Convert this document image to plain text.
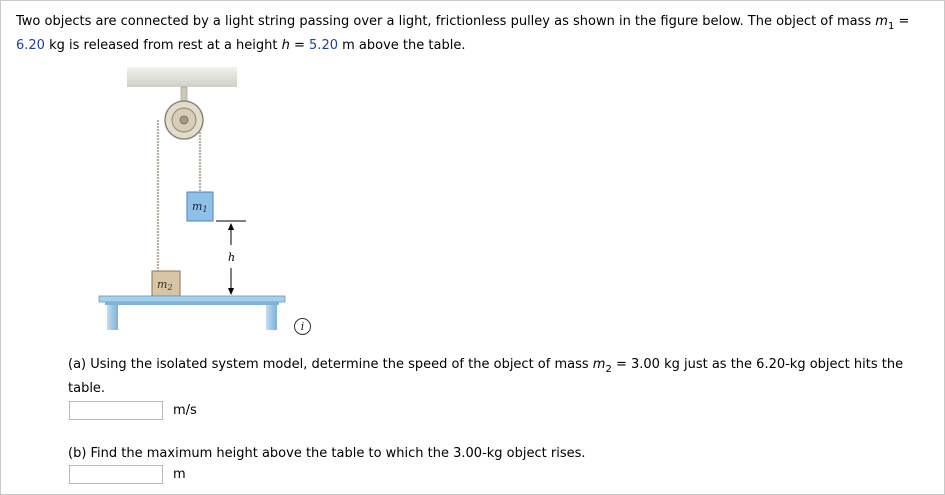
Two objects are connected by a light string passing over a light, frictionless pulley as shown in the figure below. The object of mass $m_1$ =
6.20 kg is released from rest at a height h = 5.20 m above the table.
m1
m2
h
i
(a) Using the isolated system model, determine the speed of the object of mass $m_2 = 3.00$ kg just as the 6.20-kg object hits the table.
m/s
(b) Find the maximum height above the table to which the 3.00-kg object rises.
m
